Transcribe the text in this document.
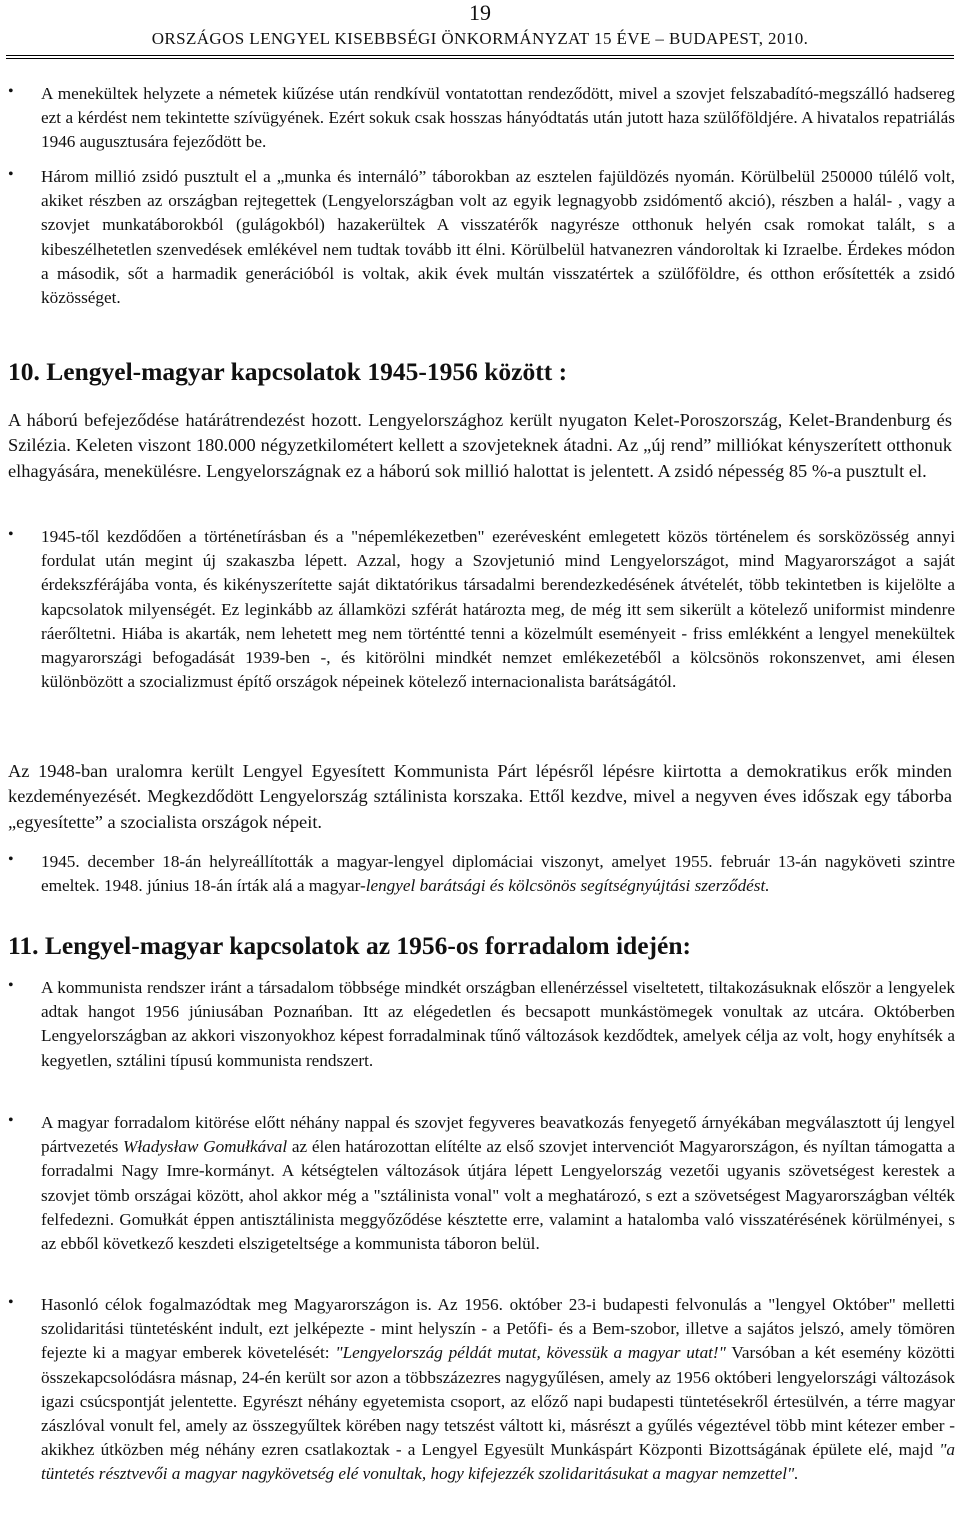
19
ORSZÁGOS LENGYEL KISEBBSÉGI ÖNKORMÁNYZAT 15 ÉVE – BUDAPEST, 2010.
• A menekültek helyzete a németek kiűzése után rendkívül vontatottan rendeződött, mivel a szovjet felszabadító-megszálló hadsereg ezt a kérdést nem tekintette szívügyének. Ezért sokuk csak hosszas hányódtatás után jutott haza szülőföldjére. A hivatalos repatriálás 1946 augusztusára fejeződött be.

• Három millió zsidó pusztult el a „munka és internáló” táborokban az esztelen fajüldözés nyomán. Körülbelül 250000 túlélő volt, akiket részben az országban rejtegettek (Lengyelországban volt az egyik legnagyobb zsidómentő akció), részben a halál- , vagy a szovjet munkatáborokból (gulágokból) hazakerültek A visszatérők nagyrésze otthonuk helyén csak romokat talált, s a kibeszélhetetlen szenvedések emlékével nem tudtak tovább itt élni. Körülbelül hatvanezren vándoroltak ki Izraelbe. Érdekes módon a második, sőt a harmadik generációból is voltak, akik évek multán visszatértek a szülőföldre, és otthon erősítették a zsidó közösséget.

10. Lengyel-magyar kapcsolatok 1945-1956 között :

A háború befejeződése határátrendezést hozott. Lengyelországhoz került nyugaton Kelet-Poroszország, Kelet-Brandenburg és Szilézia. Keleten viszont 180.000 négyzetkilométert kellett a szovjeteknek átadni. Az „új rend” milliókat kényszerített otthonuk elhagyására, menekülésre. Lengyelországnak ez a háború sok millió halottat is jelentett. A zsidó népesség 85 %-a pusztult el.

• 1945-től kezdődően a történetírásban és a "népemlékezetben" ezerévesként emlegetett közös történelem és sorsközösség annyi fordulat után megint új szakaszba lépett. Azzal, hogy a Szovjetunió mind Lengyelországot, mind Magyarországot a saját érdekszférájába vonta, és kikényszerítette saját diktatórikus társadalmi berendezkedésének átvételét, több tekintetben is kijelölte a kapcsolatok milyenségét. Ez leginkább az államközi szférát határozta meg, de még itt sem sikerült a kötelező uniformist mindenre ráerőltetni. Hiába is akarták, nem lehetett meg nem történtté tenni a közelmúlt eseményeit - friss emlékként a lengyel menekültek magyarországi befogadását 1939-ben -, és kitörölni mindkét nemzet emlékezetéből a kölcsönös rokonszenvet, ami élesen különbözött a szocializmust építő országok népeinek kötelező internacionalista barátságától.

Az 1948-ban uralomra került Lengyel Egyesített Kommunista Párt lépésről lépésre kiirtotta a demokratikus erők minden kezdeményezését. Megkezdődött Lengyelország sztálinista korszaka. Ettől kezdve, mivel a negyven éves időszak egy táborba „egyesítette” a szocialista országok népeit.

• 1945. december 18-án helyreállították a magyar-lengyel diplomáciai viszonyt, amelyet 1955. február 13-án nagyköveti szintre emeltek. 1948. június 18-án írták alá a magyar-lengyel barátsági és kölcsönös segítségnyújtási szerződést.

11. Lengyel-magyar kapcsolatok az 1956-os forradalom idején:
• A kommunista rendszer iránt a társadalom többsége mindkét országban ellenérzéssel viseltetett, tiltakozásuknak először a lengyelek adtak hangot 1956 júniusában Poznańban. Itt az elégedetlen és becsapott munkástömegek vonultak az utcára. Októberben Lengyelországban az akkori viszonyokhoz képest forradalminak tűnő változások kezdődtek, amelyek célja az volt, hogy enyhítsék a kegyetlen, sztálini típusú kommunista rendszert.

• A magyar forradalom kitörése előtt néhány nappal és szovjet fegyveres beavatkozás fenyegető árnyékában megválasztott új lengyel pártvezetés Władysław Gomułkával az élen határozottan elítélte az első szovjet intervenciót Magyarországon, és nyíltan támogatta a forradalmi Nagy Imre-kormányt. A kétségtelen változások útjára lépett Lengyelország vezetői ugyanis szövetségest kerestek a szovjet tömb országai között, ahol akkor még a "sztálinista vonal" volt a meghatározó, s ezt a szövetségest Magyarországban vélték felfedezni. Gomułkát éppen antisztálinista meggyőződése késztette erre, valamint a hatalomba való visszatérésének körülményei, s az ebből következő keszdeti elszigeteltsége a kommunista táboron belül.

• Hasonló célok fogalmazódtak meg Magyarországon is. Az 1956. október 23-i budapesti felvonulás a "lengyel Október" melletti szolidaritási tüntetésként indult, ezt jelképezte - mint helyszín - a Petőfi- és a Bem-szobor, illetve a sajátos jelszó, amely tömören fejezte ki a magyar emberek követelését: "Lengyelország példát mutat, kövessük a magyar utat!" Varsóban a két esemény közötti összekapcsolódásra másnap, 24-én került sor azon a többszázezres nagygyűlésen, amely az 1956 októberi lengyelországi változások igazi csúcspontját jelentette. Egyrészt néhány egyetemista csoport, az előző napi budapesti tüntetésekről értesülvén, a térre magyar zászlóval vonult fel, amely az összegyűltek körében nagy tetszést váltott ki, másrészt a gyűlés végeztével több mint kétezer ember - akikhez útközben még néhány ezren csatlakoztak - a Lengyel Egyesült Munkáspárt Központi Bizottságának épülete elé, majd "a tüntetés résztvevői a magyar nagykövetség elé vonultak, hogy kifejezzék szolidaritásukat a magyar nemzettel".
